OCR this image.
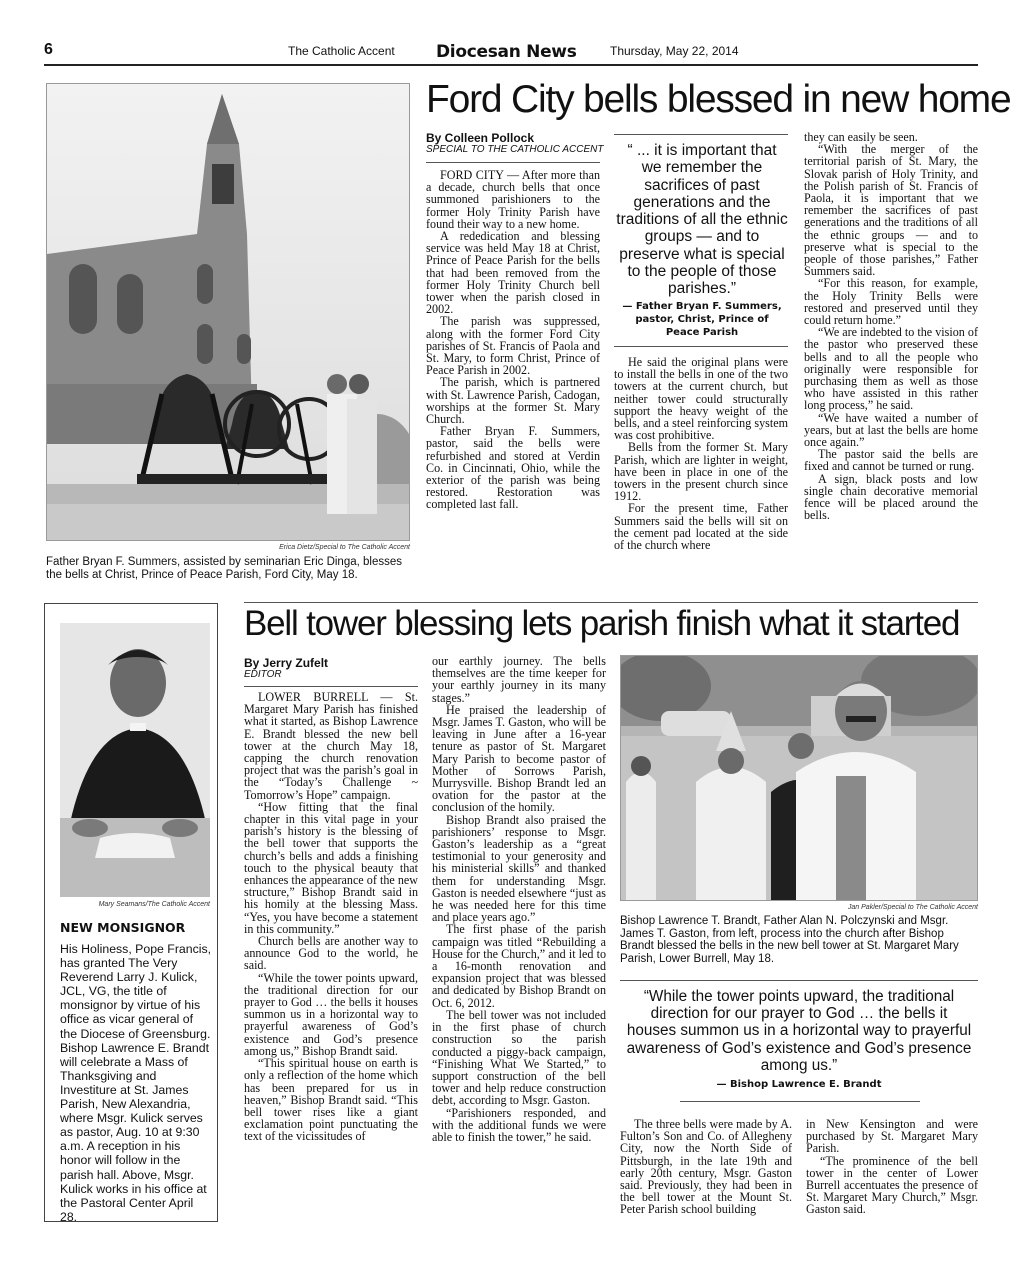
6	The Catholic Accent Diocesan News	Thursday, May 22, 2014
Ford City bells blessed in new home
Erica Dietz/Special to The Catholic Accent
Father Bryan F. Summers, assisted by seminarian Eric Dinga, blesses the bells at Christ, Prince of Peace Parish, Ford City, May 18.
By Colleen Pollock
SPECIAL TO THE CATHOLIC ACCENT

FORD CITY — After more than a decade, church bells that once summoned parishioners to the former Holy Trinity Parish have found their way to a new home.

A rededication and blessing service was held May 18 at Christ, Prince of Peace Parish for the bells that had been removed from the former Holy Trinity Church bell tower when the parish closed in 2002.

The parish was suppressed, along with the former Ford City parishes of St. Francis of Paola and St. Mary, to form Christ, Prince of Peace Parish in 2002.

The parish, which is partnered with St. Lawrence Parish, Cadogan, worships at the former St. Mary Church.

Father Bryan F. Summers, pastor, said the bells were refurbished and stored at Verdin Co. in Cincinnati, Ohio, while the exterior of the parish was being restored. Restoration was completed last fall.

“ ... it is important that we remember the sacrifices of past generations and the traditions of all the ethnic groups — and to preserve what is special to the people of those parishes.”
— Father Bryan F. Summers, pastor, Christ, Prince of Peace Parish

He said the original plans were to install the bells in one of the two towers at the current church, but neither tower could structurally support the heavy weight of the bells, and a steel reinforcing system was cost prohibitive.

Bells from the former St. Mary Parish, which are lighter in weight, have been in place in one of the towers in the present church since 1912.

For the present time, Father Summers said the bells will sit on the cement pad located at the side of the church where

they can easily be seen.

“With the merger of the territorial parish of St. Mary, the Slovak parish of Holy Trinity, and the Polish parish of St. Francis of Paola, it is important that we remember the sacrifices of past generations and the traditions of all the ethnic groups — and to preserve what is special to the people of those parishes,” Father Summers said.

“For this reason, for example, the Holy Trinity Bells were restored and preserved until they could return home.”

“We are indebted to the vision of the pastor who preserved these bells and to all the people who originally were responsible for purchasing them as well as those who have assisted in this rather long process,” he said.

“We have waited a number of years, but at last the bells are home once again.”

The pastor said the bells are fixed and cannot be turned or rung.

A sign, black posts and low single chain decorative memorial fence will be placed around the bells.

Mary Seamans/The Catholic Accent
NEW MONSIGNOR
His Holiness, Pope Francis, has granted The Very Reverend Larry J. Kulick, JCL, VG, the title of monsignor by virtue of his office as vicar general of the Diocese of Greensburg. Bishop Lawrence E. Brandt will celebrate a Mass of Thanksgiving and Investiture at St. James Parish, New Alexandria, where Msgr. Kulick serves as pastor, Aug. 10 at 9:30 a.m. A reception in his honor will follow in the parish hall. Above, Msgr. Kulick works in his office at the Pastoral Center April 28.
Bell tower blessing lets parish finish what it started
By Jerry Zufelt
EDITOR

LOWER BURRELL — St. Margaret Mary Parish has finished what it started, as Bishop Lawrence E. Brandt blessed the new bell tower at the church May 18, capping the church renovation project that was the parish’s goal in the “Today’s Challenge ~ Tomorrow’s Hope” campaign.

“How fitting that the final chapter in this vital page in your parish’s history is the blessing of the bell tower that supports the church’s bells and adds a finishing touch to the physical beauty that enhances the appearance of the new structure,” Bishop Brandt said in his homily at the blessing Mass. “Yes, you have become a statement in this community.”

Church bells are another way to announce God to the world, he said.

“While the tower points upward, the traditional direction for our prayer to God … the bells it houses summon us in a horizontal way to prayerful awareness of God’s existence and God’s presence among us,” Bishop Brandt said.

“This spiritual house on earth is only a reflection of the home which has been prepared for us in heaven,” Bishop Brandt said. “This bell tower rises like a giant exclamation point punctuating the text of the vicissitudes of

our earthly journey. The bells themselves are the time keeper for your earthly journey in its many stages.”

He praised the leadership of Msgr. James T. Gaston, who will be leaving in June after a 16-year tenure as pastor of St. Margaret Mary Parish to become pastor of Mother of Sorrows Parish, Murrysville. Bishop Brandt led an ovation for the pastor at the conclusion of the homily.

Bishop Brandt also praised the parishioners’ response to Msgr. Gaston’s leadership as a “great testimonial to your generosity and his ministerial skills” and thanked them for understanding Msgr. Gaston is needed elsewhere “just as he was needed here for this time and place years ago.”

The first phase of the parish campaign was titled “Rebuilding a House for the Church,” and it led to a 16-month renovation and expansion project that was blessed and dedicated by Bishop Brandt on Oct. 6, 2012.

The bell tower was not included in the first phase of church construction so the parish conducted a piggy-back campaign, “Finishing What We Started,” to support construction of the bell tower and help reduce construction debt, according to Msgr. Gaston.

“Parishioners responded, and with the additional funds we were able to finish the tower,” he said.

Jan Pakler/Special to The Catholic Accent
Bishop Lawrence T. Brandt, Father Alan N. Polczynski and Msgr. James T. Gaston, from left, process into the church after Bishop Brandt blessed the bells in the new bell tower at St. Margaret Mary Parish, Lower Burrell, May 18.
“While the tower points upward, the traditional direction for our prayer to God … the bells it houses summon us in a horizontal way to prayerful awareness of God’s existence and God’s presence among us.”
— Bishop Lawrence E. Brandt

The three bells were made by A. Fulton’s Son and Co. of Allegheny City, now the North Side of Pittsburgh, in the late 19th and early 20th century, Msgr. Gaston said. Previously, they had been in the bell tower at the Mount St. Peter Parish school building

in New Kensington and were purchased by St. Margaret Mary Parish.

“The prominence of the bell tower in the center of Lower Burrell accentuates the presence of St. Margaret Mary Church,” Msgr. Gaston said.
